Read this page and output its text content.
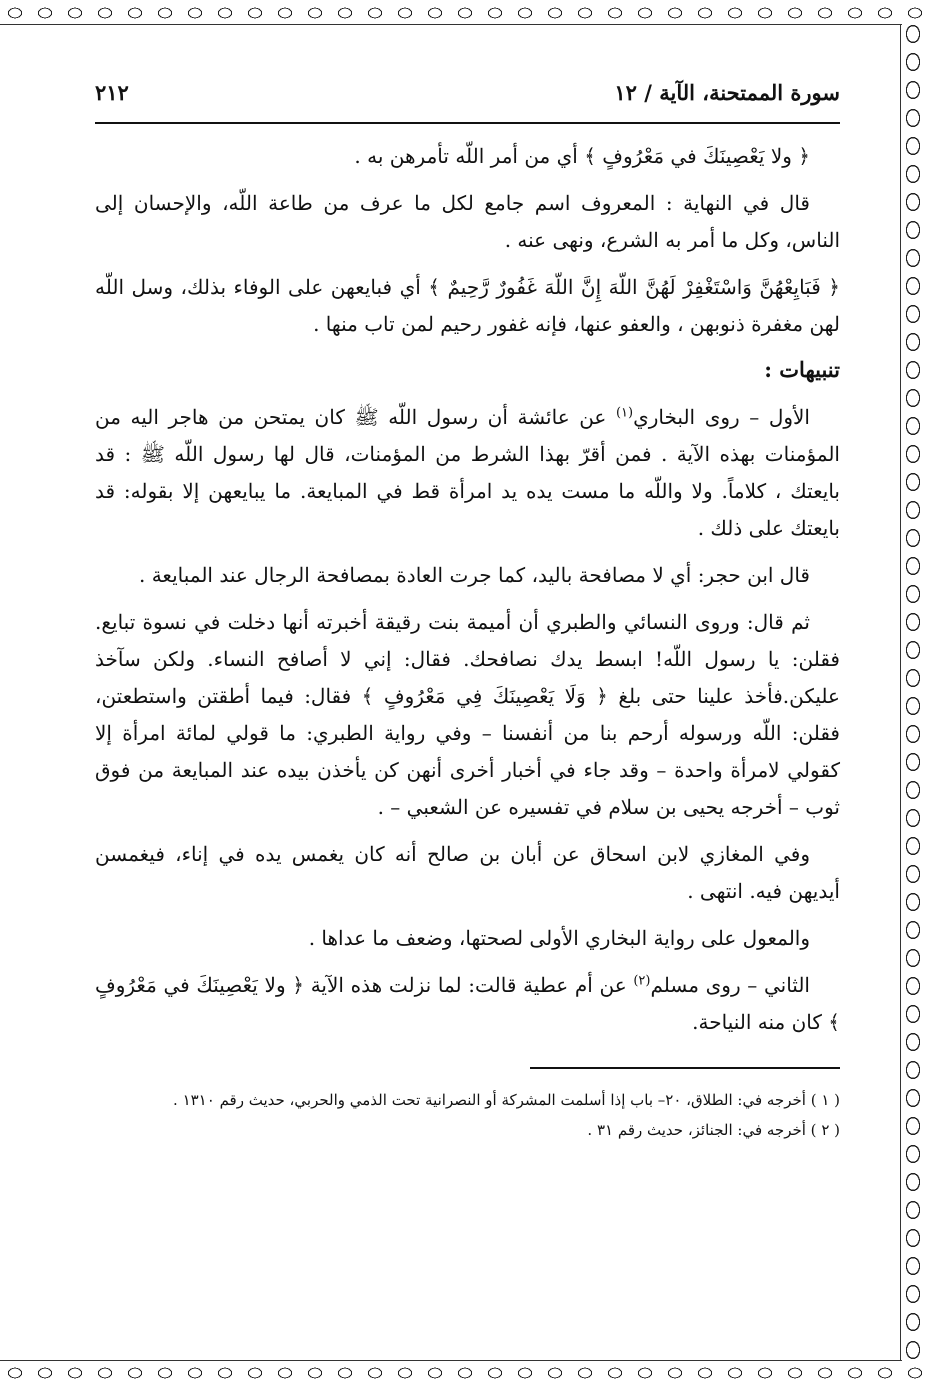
سورة الممتحنة، الآية / ١٢
٢١٢

﴿ ولا يَعْصِينَكَ في مَعْرُوفٍ ﴾ أي من أمر اللّه تأمرهن به .

قال في النهاية : المعروف اسم جامع لكل ما عرف من طاعة اللّه، والإحسان إلى الناس، وكل ما أمر به الشرع، ونهى عنه .

﴿ فَبَايِعْهُنَّ وَاسْتَغْفِرْ لَهُنَّ اللّهَ إِنَّ اللّهَ غَفُورٌ رَّحِيمٌ ﴾ أي فبايعهن على الوفاء بذلك، وسل اللّه لهن مغفرة ذنوبهن ، والعفو عنها، فإنه غفور رحيم لمن تاب منها .

تنبيهات :

الأول – روى البخاري$^{(١)}$ عن عائشة أن رسول اللّه ﷺ كان يمتحن من هاجر اليه من المؤمنات بهذه الآية . فمن أقرّ بهذا الشرط من المؤمنات، قال لها رسول اللّه ﷺ : قد بايعتك ، كلاماً. ولا واللّه ما مست يده يد امرأة قط في المبايعة. ما يبايعهن إلا بقوله: قد بايعتك على ذلك .

قال ابن حجر: أي لا مصافحة باليد، كما جرت العادة بمصافحة الرجال عند المبايعة .

ثم قال: وروى النسائي والطبري أن أميمة بنت رقيقة أخبرته أنها دخلت في نسوة تبايع. فقلن: يا رسول اللّه! ابسط يدك نصافحك. فقال: إني لا أصافح النساء. ولكن سآخذ عليكن.فأخذ علينا حتى بلغ ﴿ وَلَا يَعْصِينَكَ فِي مَعْرُوفٍ ﴾ فقال: فيما أطقتن واستطعتن، فقلن: اللّه ورسوله أرحم بنا من أنفسنا – وفي رواية الطبري: ما قولي لمائة امرأة إلا كقولي لامرأة واحدة – وقد جاء في أخبار أخرى أنهن كن يأخذن بيده عند المبايعة من فوق ثوب – أخرجه يحيى بن سلام في تفسيره عن الشعبي – .

وفي المغازي لابن اسحاق عن أبان بن صالح أنه كان يغمس يده في إناء، فيغمسن أيديهن فيه. انتهى .

والمعول على رواية البخاري الأولى لصحتها، وضعف ما عداها .

الثاني – روى مسلم$^{(٢)}$ عن أم عطية قالت: لما نزلت هذه الآية ﴿ ولا يَعْصِينَكَ في مَعْرُوفٍ ﴾ كان منه النياحة.

( ١ ) أخرجه في: الطلاق، ٢٠– باب إذا أسلمت المشركة أو النصرانية تحت الذمي والحربي، حديث رقم ١٣١٠ .

( ٢ ) أخرجه في: الجنائز، حديث رقم ٣١ .
